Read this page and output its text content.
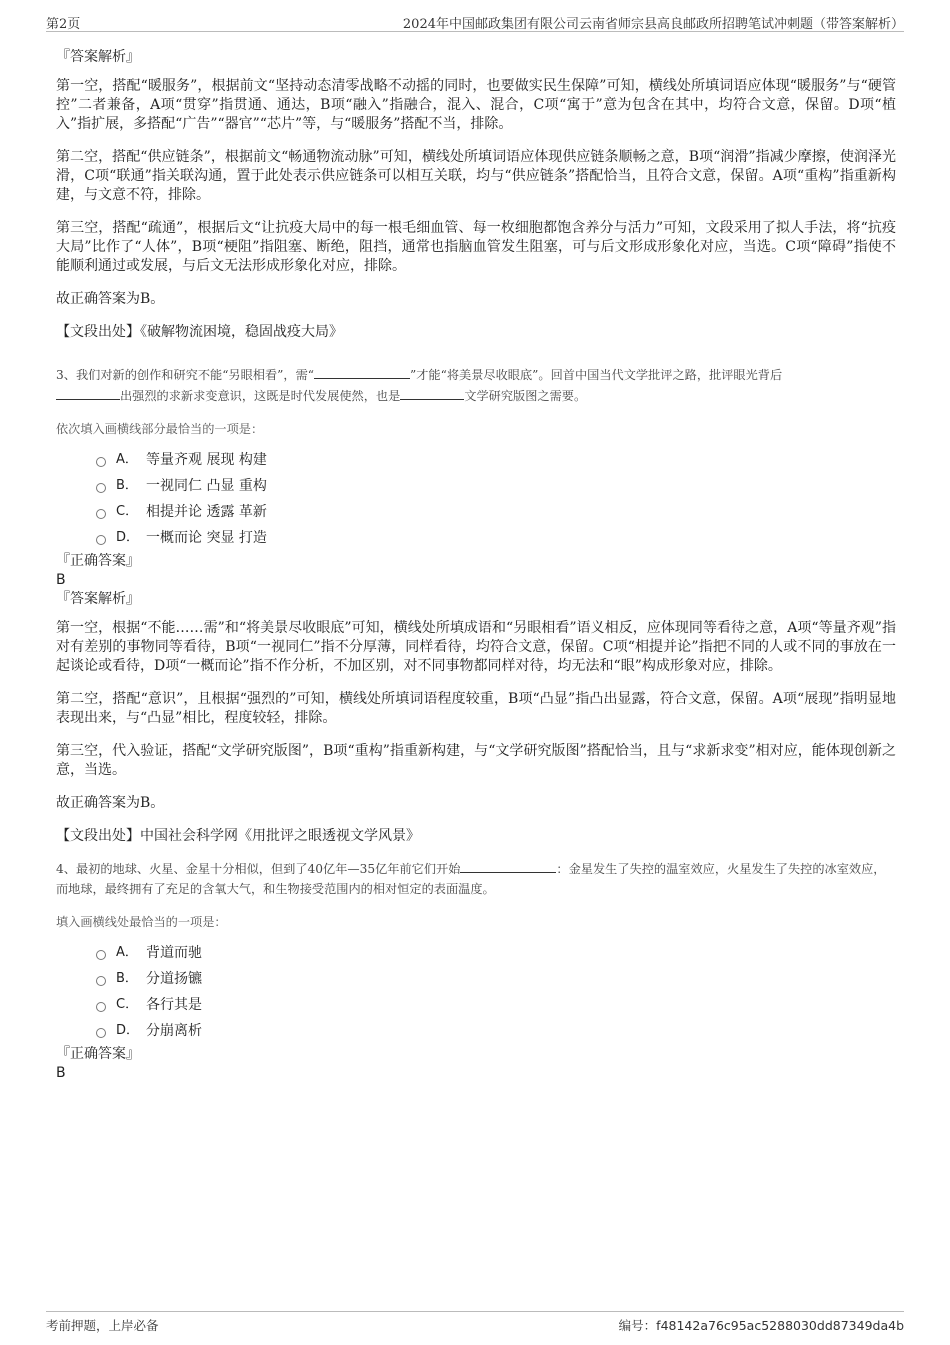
第2页	2024年中国邮政集团有限公司云南省师宗县高良邮政所招聘笔试冲刺题（带答案解析）
『答案解析』

第一空，搭配“暖服务”，根据前文“坚持动态清零战略不动摇的同时，也要做实民生保障”可知，横线处所填词语应体现“暖服务”与“硬管控”二者兼备，A项“贯穿”指贯通、通达，B项“融入”指融合，混入、混合，C项“寓于”意为包含在其中，均符合文意，保留。D项“植入”指扩展，多搭配“广告”“器官”“芯片”等，与“暖服务”搭配不当，排除。

第二空，搭配“供应链条”，根据前文“畅通物流动脉”可知，横线处所填词语应体现供应链条顺畅之意，B项“润滑”指减少摩擦，使润泽光滑，C项“联通”指关联沟通，置于此处表示供应链条可以相互关联，均与“供应链条”搭配恰当，且符合文意，保留。A项“重构”指重新构建，与文意不符，排除。

第三空，搭配“疏通”，根据后文“让抗疫大局中的每一根毛细血管、每一枚细胞都饱含养分与活力”可知，文段采用了拟人手法，将“抗疫大局”比作了“人体”，B项“梗阻”指阻塞、断绝，阻挡，通常也指脑血管发生阻塞，可与后文形成形象化对应，当选。C项“障碍”指使不能顺利通过或发展，与后文无法形成形象化对应，排除。

故正确答案为B。

【文段出处】《破解物流困境，稳固战疫大局》

3、我们对新的创作和研究不能“另眼相看”，需“	”才能“将美景尽收眼底”。回首中国当代文学批评之路，批评眼光背后
出强烈的求新求变意识，这既是时代发展使然，也是	文学研究版图之需要。

依次填入画横线部分最恰当的一项是：
A． 等量齐观 展现 构建
B． 一视同仁 凸显 重构
C． 相提并论 透露 革新
D． 一概而论 突显 打造
『正确答案』
B
『答案解析』

第一空，根据“不能……需”和“将美景尽收眼底”可知，横线处所填成语和“另眼相看”语义相反，应体现同等看待之意，A项“等量齐观”指对有差别的事物同等看待，B项“一视同仁”指不分厚薄，同样看待，均符合文意，保留。C项“相提并论”指把不同的人或不同的事放在一起谈论或看待，D项“一概而论”指不作分析，不加区别，对不同事物都同样对待，均无法和“眼”构成形象对应，排除。

第二空，搭配“意识”，且根据“强烈的”可知，横线处所填词语程度较重，B项“凸显”指凸出显露，符合文意，保留。A项“展现”指明显地表现出来，与“凸显”相比，程度较轻，排除。

第三空，代入验证，搭配“文学研究版图”，B项“重构”指重新构建，与“文学研究版图”搭配恰当，且与“求新求变”相对应，能体现创新之意，当选。

故正确答案为B。

【文段出处】中国社会科学网《用批评之眼透视文学风景》

4、最初的地球、火星、金星十分相似，但到了40亿年—35亿年前它们开始	：金星发生了失控的温室效应，火星发生了失控的冰室效应，而地球，最终拥有了充足的含氧大气，和生物接受范围内的相对恒定的表面温度。

填入画横线处最恰当的一项是：
A． 背道而驰
B． 分道扬镳
C． 各行其是
D． 分崩离析
『正确答案』
B
考前押题，上岸必备	编号：f48142a76c95ac5288030dd87349da4b
